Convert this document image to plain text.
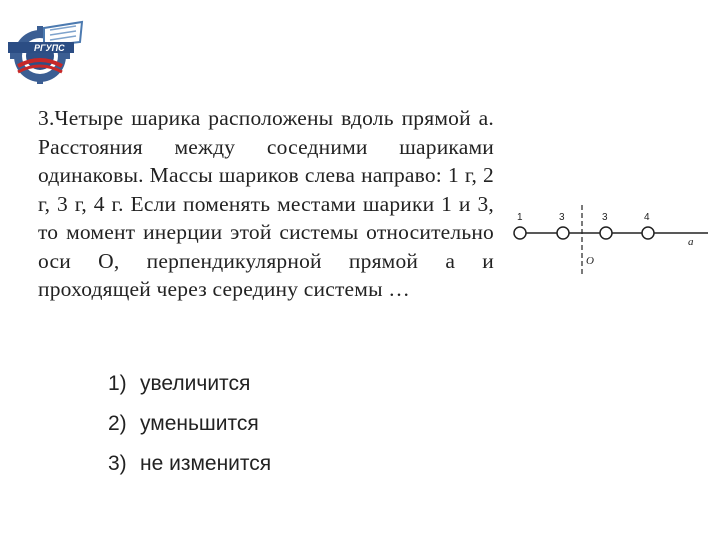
РГУПС

3.Четыре шарика расположены вдоль прямой а. Расстояния между соседними шариками одинаковы. Массы шариков слева направо: 1 г, 2 г, 3 г, 4 г. Если поменять местами шарики 1 и 3, то момент инерции этой системы относительно оси О, перпендикулярной прямой а и проходящей через середину системы …

1	3	3	4
О
a
1) увеличится
2) уменьшится
3) не изменится
